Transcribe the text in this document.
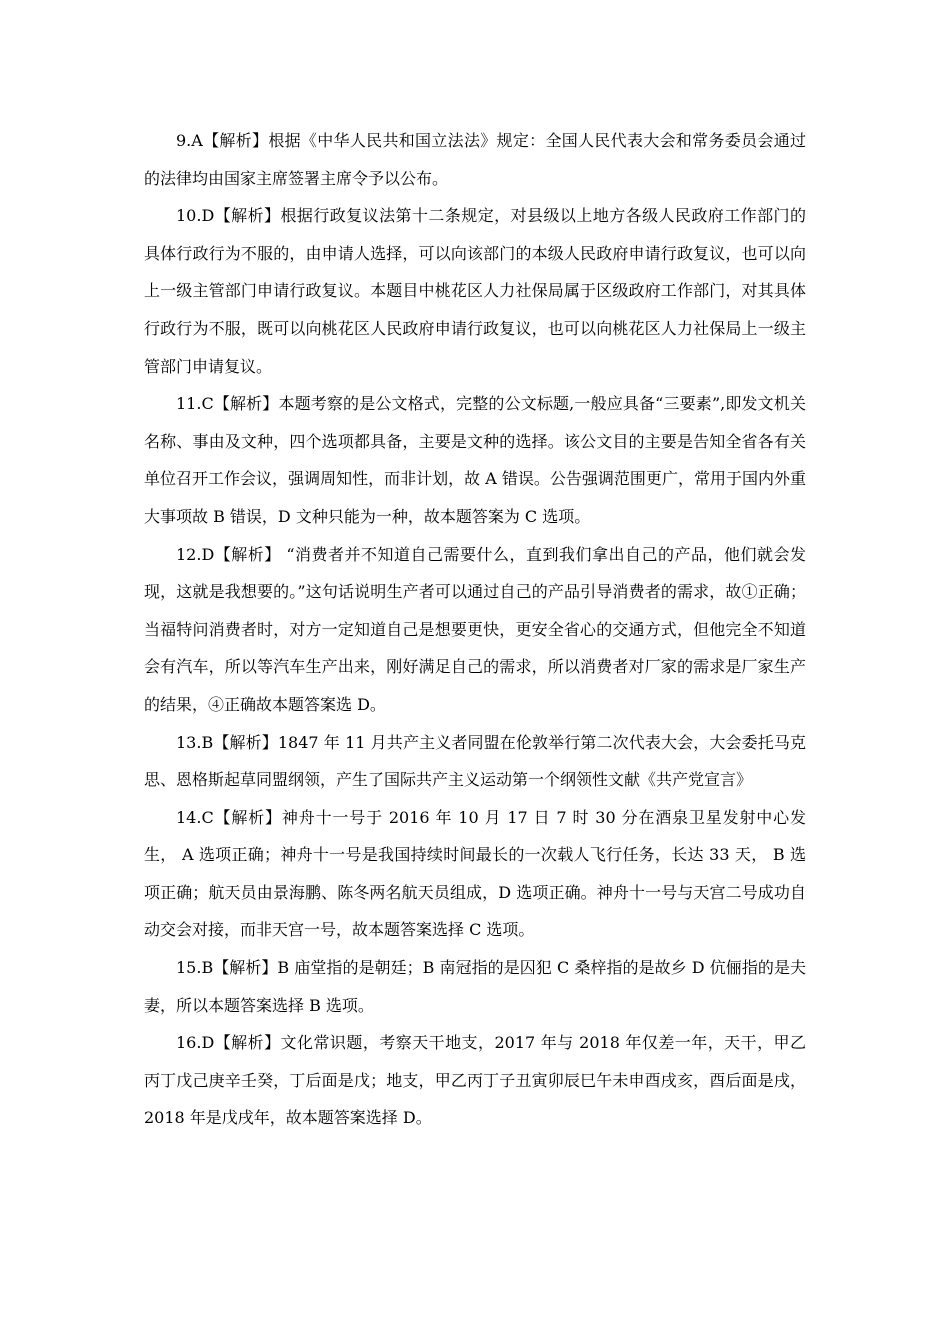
9.A【解析】根据《中华人民共和国立法法》规定：全国人民代表大会和常务委员会通过的法律均由国家主席签署主席令予以公布。

10.D【解析】根据行政复议法第十二条规定，对县级以上地方各级人民政府工作部门的具体行政行为不服的，由申请人选择，可以向该部门的本级人民政府申请行政复议，也可以向上一级主管部门申请行政复议。本题目中桃花区人力社保局属于区级政府工作部门，对其具体行政行为不服，既可以向桃花区人民政府申请行政复议，也可以向桃花区人力社保局上一级主管部门申请复议。

11.C【解析】本题考察的是公文格式，完整的公文标题,一般应具备“三要素”,即发文机关名称、事由及文种，四个选项都具备，主要是文种的选择。该公文目的主要是告知全省各有关单位召开工作会议，强调周知性，而非计划，故 A 错误。公告强调范围更广，常用于国内外重大事项故 B 错误，D 文种只能为一种，故本题答案为 C 选项。

12.D【解析】 “消费者并不知道自己需要什么，直到我们拿出自己的产品，他们就会发现，这就是我想要的。”这句话说明生产者可以通过自己的产品引导消费者的需求，故①正确；当福特问消费者时，对方一定知道自己是想要更快，更安全省心的交通方式，但他完全不知道会有汽车，所以等汽车生产出来，刚好满足自己的需求，所以消费者对厂家的需求是厂家生产的结果，④正确故本题答案选 D。

13.B【解析】1847 年 11 月共产主义者同盟在伦敦举行第二次代表大会，大会委托马克思、恩格斯起草同盟纲领，产生了国际共产主义运动第一个纲领性文献《共产党宣言》

14.C【解析】神舟十一号于 2016 年 10 月 17 日 7 时 30 分在酒泉卫星发射中心发生， A 选项正确；神舟十一号是我国持续时间最长的一次载人飞行任务，长达 33 天， B 选项正确；航天员由景海鹏、陈冬两名航天员组成，D 选项正确。神舟十一号与天宫二号成功自动交会对接，而非天宫一号，故本题答案选择 C 选项。

15.B【解析】B 庙堂指的是朝廷；B 南冠指的是囚犯 C 桑梓指的是故乡 D 伉俪指的是夫妻，所以本题答案选择 B 选项。

16.D【解析】文化常识题，考察天干地支，2017 年与 2018 年仅差一年，天干，甲乙丙丁戊己庚辛壬癸，丁后面是戊；地支，甲乙丙丁子丑寅卯辰巳午未申酉戌亥，酉后面是戌，2018 年是戊戌年，故本题答案选择 D。
